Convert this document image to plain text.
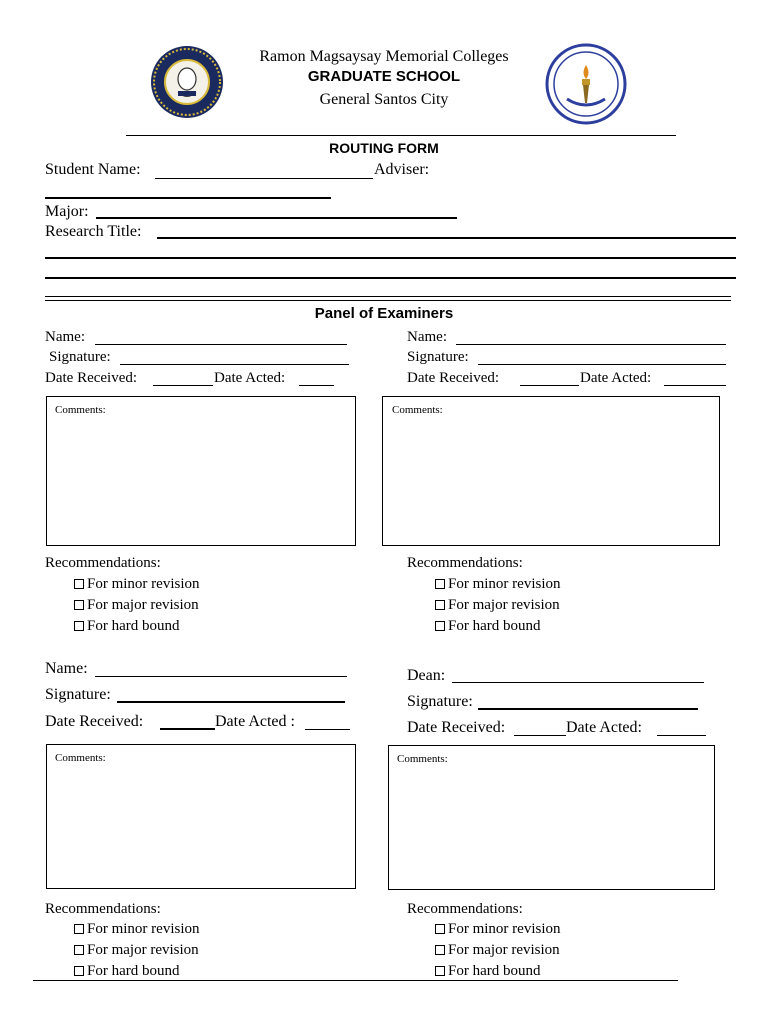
Ramon Magsaysay Memorial Colleges
GRADUATE SCHOOL
General Santos City
ROUTING FORM
Student Name:	Adviser:
Major:
Research Title:
Panel of Examiners
Name:
Signature:
Date Received:	Date Acted:
Comments:
Recommendations:
For minor revision
For major revision
For hard bound
Name:
Signature:
Date Received:	Date Acted:
Comments:
Recommendations:
For minor revision
For major revision
For hard bound
Name:
Signature:
Date Received:	Date Acted :
Comments:
Recommendations:
For minor revision
For major revision
For hard bound
Dean:
Signature:
Date Received:	Date Acted:
Comments:
Recommendations:
For minor revision
For major revision
For hard bound
